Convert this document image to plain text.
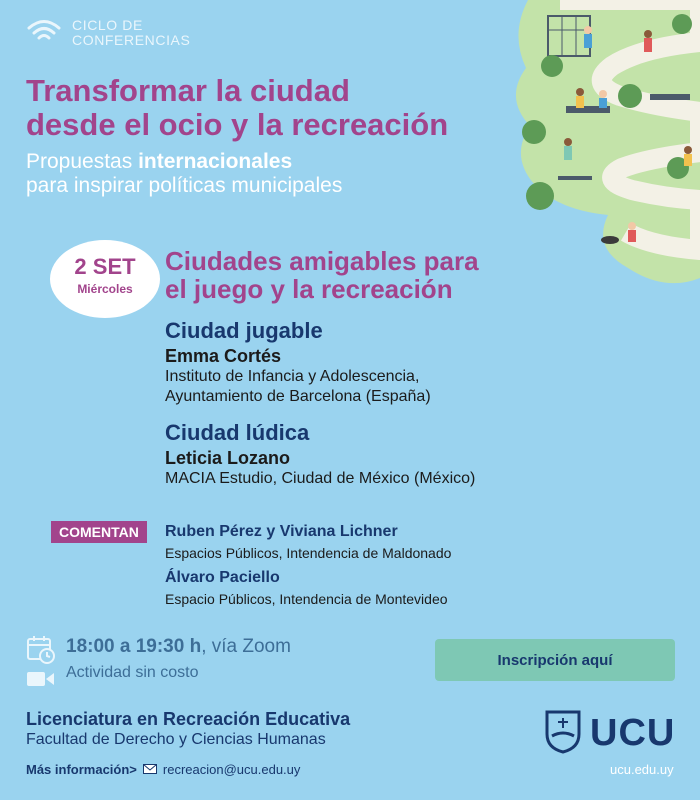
CICLO DE
CONFERENCIAS
Transformar la ciudad
desde el ocio y la recreación
Propuestas internacionales
para inspirar políticas municipales
2 SET
Miércoles
Ciudades amigables para
el juego y la recreación
Ciudad jugable
Emma Cortés
Instituto de Infancia y Adolescencia,
Ayuntamiento de Barcelona (España)
Ciudad lúdica
Leticia Lozano
MACIA Estudio, Ciudad de México (México)
COMENTAN	Ruben Pérez y Viviana Lichner
Espacios Públicos, Intendencia de Maldonado
Álvaro Paciello
Espacio Públicos, Intendencia de Montevideo
18:00 a 19:30 h, vía Zoom
Actividad sin costo
Inscripción aquí
Licenciatura en Recreación Educativa
Facultad de Derecho y Ciencias Humanas
Más información> recreacion@ucu.edu.uy
UCU
ucu.edu.uy
